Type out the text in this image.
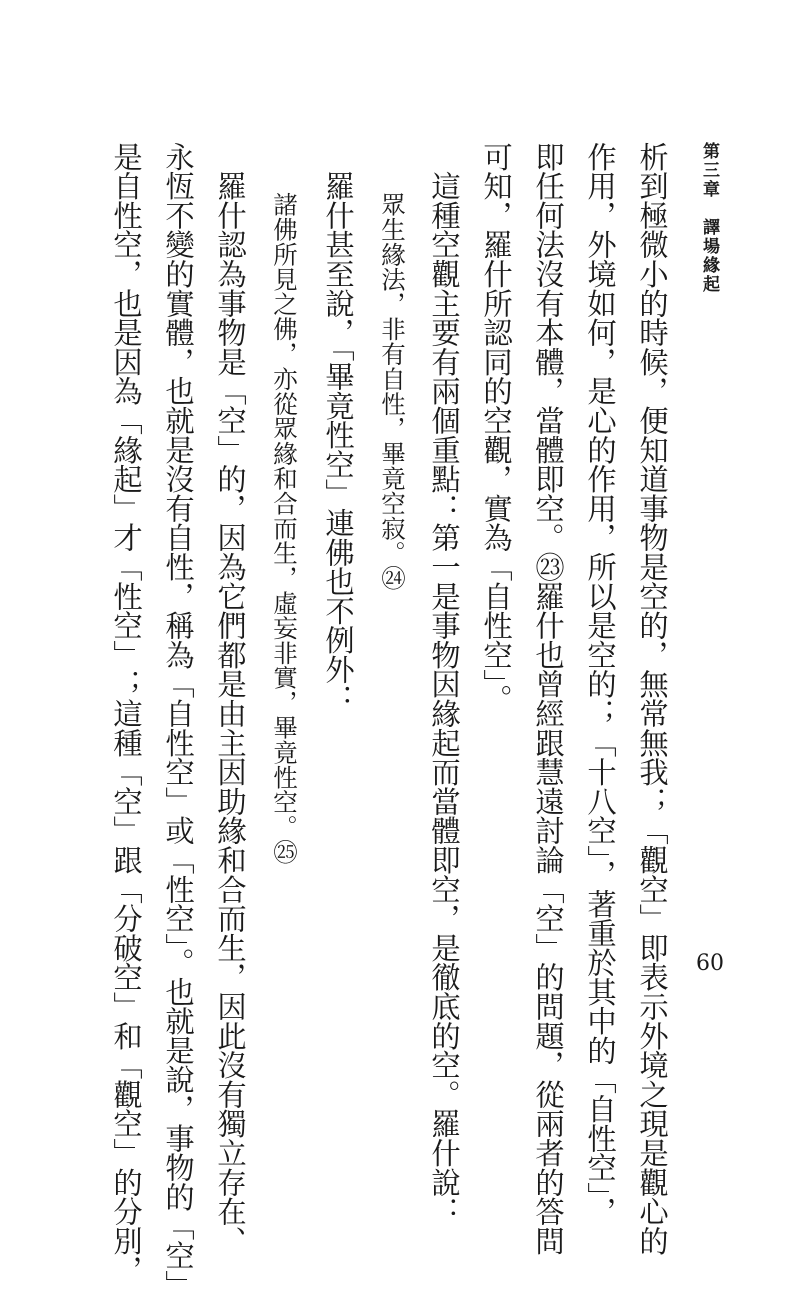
第三章　譯場緣起
60
析到極微小的時候，便知道事物是空的，無常無我；「觀空」即表示外境之現是觀心的
作用，外境如何，是心的作用，所以是空的；「十八空」，著重於其中的「自性空」，
即任何法沒有本體，當體即空。㉓羅什也曾經跟慧遠討論「空」的問題，從兩者的答問
可知，羅什所認同的空觀，實為「自性空」。
　這種空觀主要有兩個重點：第一是事物因緣起而當體即空，是徹底的空。羅什說：
眾生緣法，非有自性，畢竟空寂。㉔
　羅什甚至說，「畢竟性空」連佛也不例外：
諸佛所見之佛，亦從眾緣和合而生，虛妄非實，畢竟性空。㉕
　羅什認為事物是「空」的，因為它們都是由主因助緣和合而生，因此沒有獨立存在、
永恆不變的實體，也就是沒有自性，稱為「自性空」或「性空」。也就是說，事物的「空」
是自性空，也是因為「緣起」才「性空」；這種「空」跟「分破空」和「觀空」的分別，
